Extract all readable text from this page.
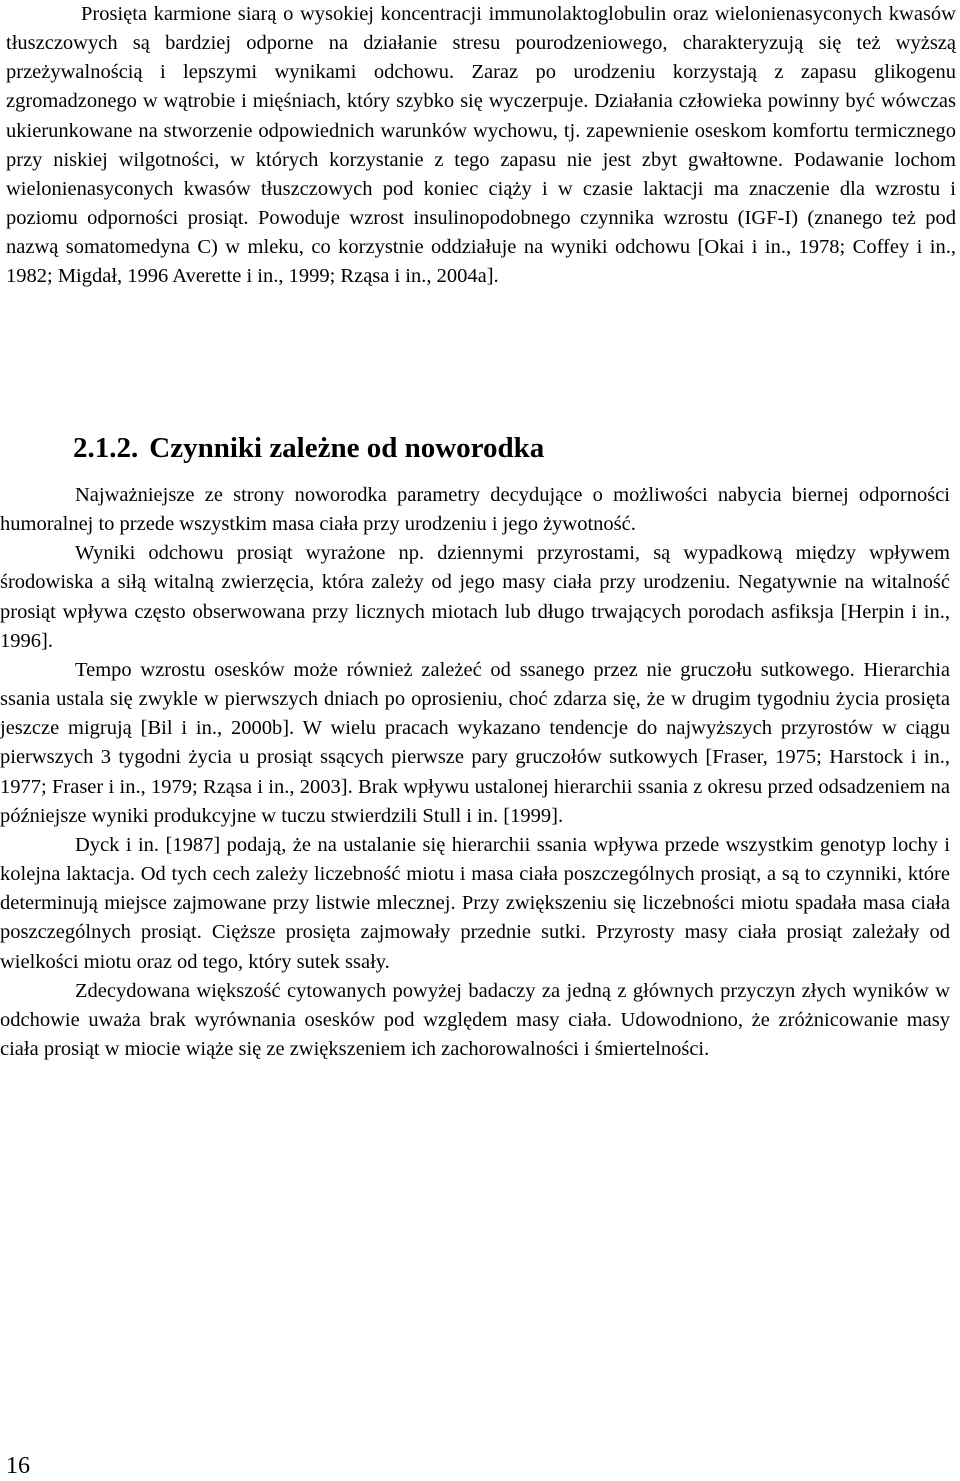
Prosięta karmione siarą o wysokiej koncentracji immunolaktoglobulin oraz wielonienasyconych kwasów tłuszczowych są bardziej odporne na działanie stresu pourodzeniowego, charakteryzują się też wyższą przeżywalnością i lepszymi wynikami odchowu. Zaraz po urodzeniu korzystają z zapasu glikogenu zgromadzonego w wątrobie i mięśniach, który szybko się wyczerpuje. Działania człowieka powinny być wówczas ukierunkowane na stworzenie odpowiednich warunków wychowu, tj. zapewnienie oseskom komfortu termicznego przy niskiej wilgotności, w których korzystanie z tego zapasu nie jest zbyt gwałtowne. Podawanie lochom wielonienasyconych kwasów tłuszczowych pod koniec ciąży i w czasie laktacji ma znaczenie dla wzrostu i poziomu odporności prosiąt. Powoduje wzrost insulinopodobnego czynnika wzrostu (IGF-I) (znanego też pod nazwą somatomedyna C) w mleku, co korzystnie oddziałuje na wyniki odchowu [Okai i in., 1978; Coffey i in., 1982; Migdał, 1996 Averette i in., 1999; Rząsa i in., 2004a].

2.1.2. Czynniki zależne od noworodka

Najważniejsze ze strony noworodka parametry decydujące o możliwości nabycia biernej odporności humoralnej to przede wszystkim masa ciała przy urodzeniu i jego żywotność.

Wyniki odchowu prosiąt wyrażone np. dziennymi przyrostami, są wypadkową między wpływem środowiska a siłą witalną zwierzęcia, która zależy od jego masy ciała przy urodzeniu. Negatywnie na witalność prosiąt wpływa często obserwowana przy licznych miotach lub długo trwających porodach asfiksja [Herpin i in., 1996].

Tempo wzrostu osesków może również zależeć od ssanego przez nie gruczołu sutkowego. Hierarchia ssania ustala się zwykle w pierwszych dniach po oprosieniu, choć zdarza się, że w drugim tygodniu życia prosięta jeszcze migrują [Bil i in., 2000b]. W wielu pracach wykazano tendencje do najwyższych przyrostów w ciągu pierwszych 3 tygodni życia u prosiąt ssących pierwsze pary gruczołów sutkowych [Fraser, 1975; Harstock i in., 1977; Fraser i in., 1979; Rząsa i in., 2003]. Brak wpływu ustalonej hierarchii ssania z okresu przed odsadzeniem na późniejsze wyniki produkcyjne w tuczu stwierdzili Stull i in. [1999].

Dyck i in. [1987] podają, że na ustalanie się hierarchii ssania wpływa przede wszystkim genotyp lochy i kolejna laktacja. Od tych cech zależy liczebność miotu i masa ciała poszczególnych prosiąt, a są to czynniki, które determinują miejsce zajmowane przy listwie mlecznej. Przy zwiększeniu się liczebności miotu spadała masa ciała poszczególnych prosiąt. Cięższe prosięta zajmowały przednie sutki. Przyrosty masy ciała prosiąt zależały od wielkości miotu oraz od tego, który sutek ssały.

Zdecydowana większość cytowanych powyżej badaczy za jedną z głównych przyczyn złych wyników w odchowie uważa brak wyrównania osesków pod względem masy ciała. Udowodniono, że zróżnicowanie masy ciała prosiąt w miocie wiąże się ze zwiększeniem ich zachorowalności i śmiertelności.

16
